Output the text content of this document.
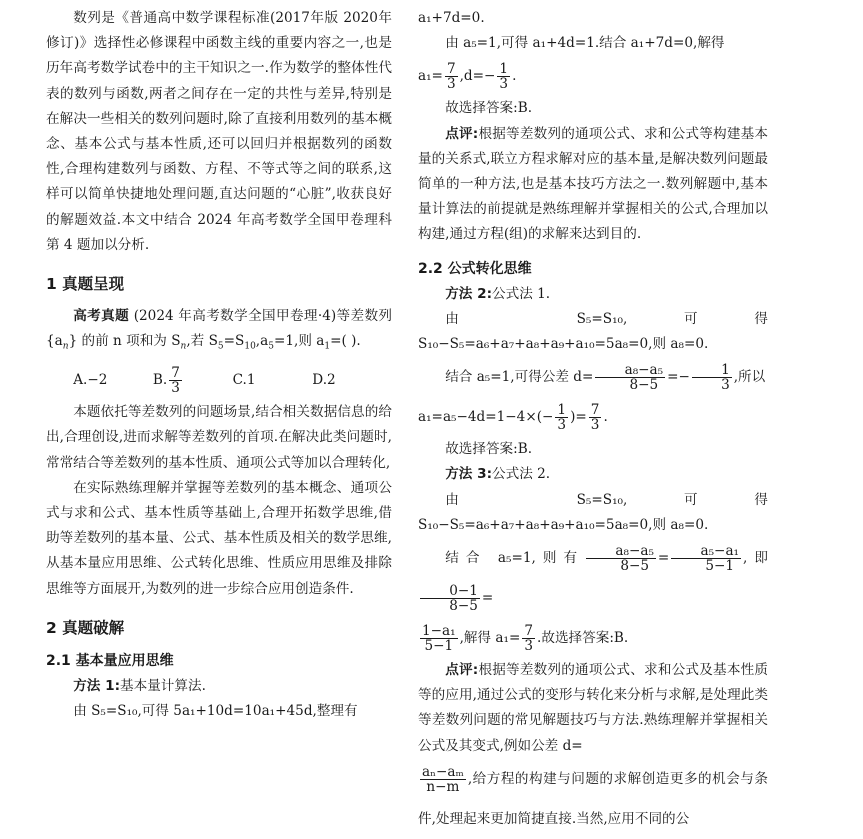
数列是《普通高中数学课程标准(2017年版 2020年修订)》选择性必修课程中函数主线的重要内容之一,也是历年高考数学试卷中的主干知识之一.作为数学的整体性代表的数列与函数,两者之间存在一定的共性与差异,特别是在解决一些相关的数列问题时,除了直接利用数列的基本概念、基本公式与基本性质,还可以回归并根据数列的函数性,合理构建数列与函数、方程、不等式等之间的联系,这样可以简单快捷地处理问题,直达问题的“心脏”,收获良好的解题效益.本文中结合 2024 年高考数学全国甲卷理科第 4 题加以分析.

1 真题呈现

高考真题 (2024 年高考数学全国甲卷理·4)等差数列$\{a_n\}$ 的前 n 项和为 $S_n$,若 $S_5=S_{10},a_5=1$,则 $a_1=$( ).

A.−2	B. $\frac{7}{3}$	C.1	D.2

本题依托等差数列的问题场景,结合相关数据信息的给出,合理创设,进而求解等差数列的首项.在解决此类问题时,常常结合等差数列的基本性质、通项公式等加以合理转化,

在实际熟练理解并掌握等差数列的基本概念、通项公式与求和公式、基本性质等基础上,合理开拓数学思维,借助等差数列的基本量、公式、基本性质及相关的数学思维,从基本量应用思维、公式转化思维、性质应用思维及排除思维等方面展开,为数列的进一步综合应用创造条件.

2 真题破解
2.1 基本量应用思维

方法 1:基本量计算法.

由 S₅=S₁₀,可得 5a₁+10d=10a₁+45d,整理有

a₁+7d=0.

由 a₅=1,可得 a₁+4d=1.结合 a₁+7d=0,解得

$a_1= \frac{7}{3} ,d=- \frac{1}{3}$ .

故选择答案:B.

点评:根据等差数列的通项公式、求和公式等构建基本量的关系式,联立方程求解对应的基本量,是解决数列问题最简单的一种方法,也是基本技巧方法之一.数列解题中,基本量计算法的前提就是熟练理解并掌握相关的公式,合理加以构建,通过方程(组)的求解来达到目的.

2.2 公式转化思维

方法 2:公式法 1.

由 S₅=S₁₀,可得 S₁₀−S₅=a₆+a₇+a₈+a₉+a₁₀=5a₈=0,则 a₈=0.

结合 a₅=1,可得公差 $d= \frac{\text{a₈−a₅}}{8-5} =- \frac{1}{3}$ ,所以

$a_1=a_5-4d=1-4\times(- \frac{1}{3}$ )= $\frac{7}{3}$ .

故选择答案:B.

方法 3:公式法 2.

由 S₅=S₁₀,可得 S₁₀−S₅=a₆+a₇+a₈+a₉+a₁₀=5a₈=0,则 a₈=0.

结合 a₅=1,则有 $\frac{\text{a₈−a₅}}{8-5} = \frac{\text{a₅−a₁}}{5-1}$ ,即
$\frac{0-1}{8-5}$ =

$\frac{\text{1−a₁}}{5-1}$ ,解得 $a_1= \frac{7}{3}$ .故选择答案:B.

点评:根据等差数列的通项公式、求和公式及基本性质等的应用,通过公式的变形与转化来分析与求解,是处理此类等差数列问题的常见解题技巧与方法.熟练理解并掌握相关公式及其变式,例如公差 d=

$\frac{\text{aₙ−aₘ}}{n-m}$ ,给方程的构建与问题的求解创造更多的机会与条件,处理起来更加简捷直接.当然,应用不同的公
